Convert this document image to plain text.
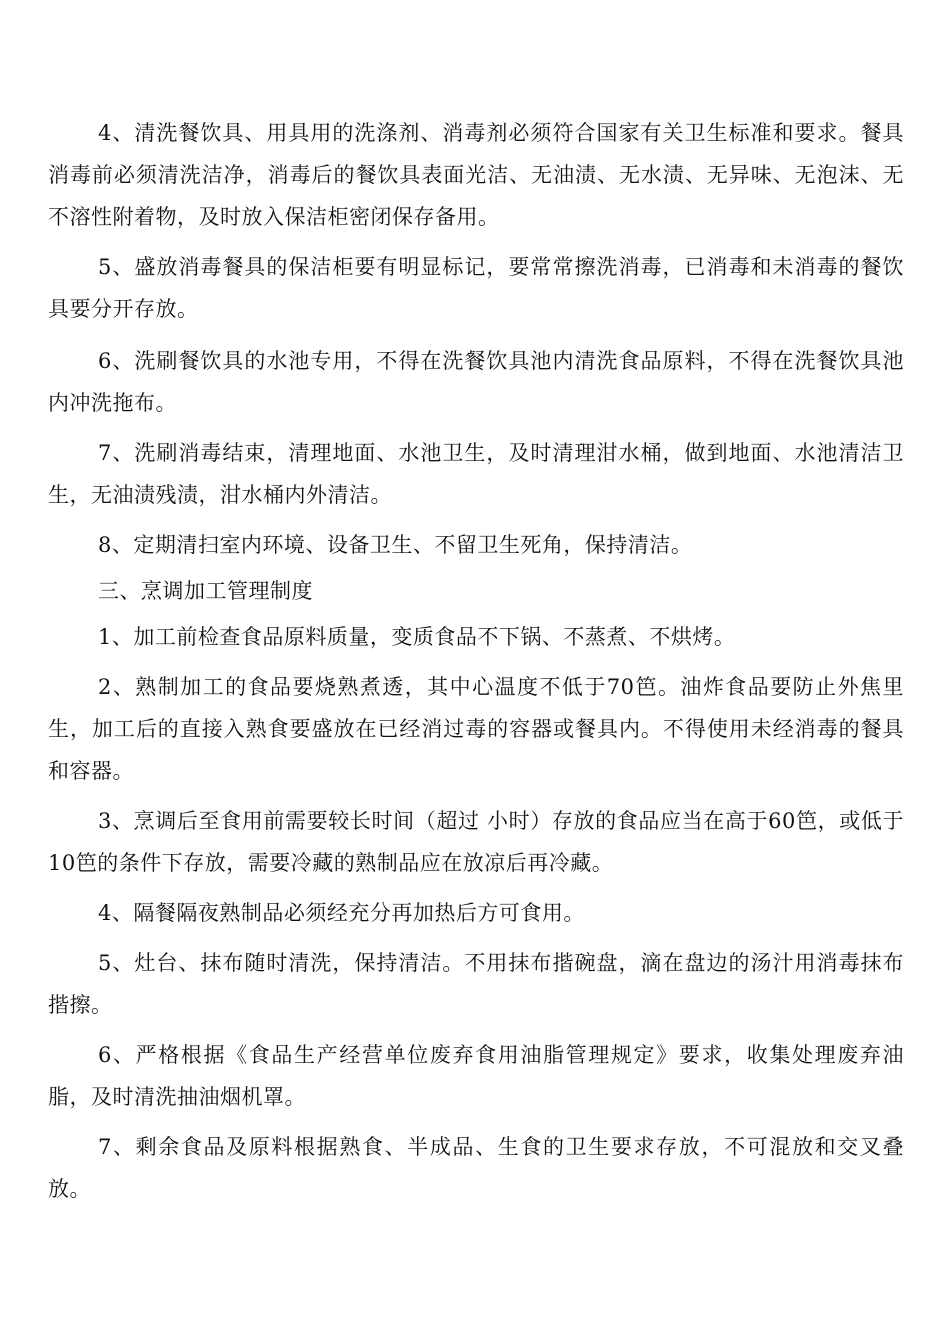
4、清洗餐饮具、用具用的洗涤剂、消毒剂必须符合国家有关卫生标准和要求。餐具消毒前必须清洗洁净，消毒后的餐饮具表面光洁、无油渍、无水渍、无异味、无泡沫、无不溶性附着物，及时放入保洁柜密闭保存备用。

5、盛放消毒餐具的保洁柜要有明显标记，要常常擦洗消毒，已消毒和未消毒的餐饮具要分开存放。

6、洗刷餐饮具的水池专用，不得在洗餐饮具池内清洗食品原料，不得在洗餐饮具池内冲洗拖布。

7、洗刷消毒结束，清理地面、水池卫生，及时清理泔水桶，做到地面、水池清洁卫生，无油渍残渍，泔水桶内外清洁。

8、定期清扫室内环境、设备卫生、不留卫生死角，保持清洁。

三、烹调加工管理制度

1、加工前检查食品原料质量，变质食品不下锅、不蒸煮、不烘烤。

2、熟制加工的食品要烧熟煮透，其中心温度不低于70笆。油炸食品要防止外焦里生，加工后的直接入熟食要盛放在已经消过毒的容器或餐具内。不得使用未经消毒的餐具和容器。

3、烹调后至食用前需要较长时间（超过 小时）存放的食品应当在高于60笆，或低于10笆的条件下存放，需要冷藏的熟制品应在放凉后再冷藏。

4、隔餐隔夜熟制品必须经充分再加热后方可食用。

5、灶台、抹布随时清洗，保持清洁。不用抹布揩碗盘，滴在盘边的汤汁用消毒抹布揩擦。

6、严格根据《食品生产经营单位废弃食用油脂管理规定》要求，收集处理废弃油脂，及时清洗抽油烟机罩。

7、剩余食品及原料根据熟食、半成品、生食的卫生要求存放，不可混放和交叉叠放。
